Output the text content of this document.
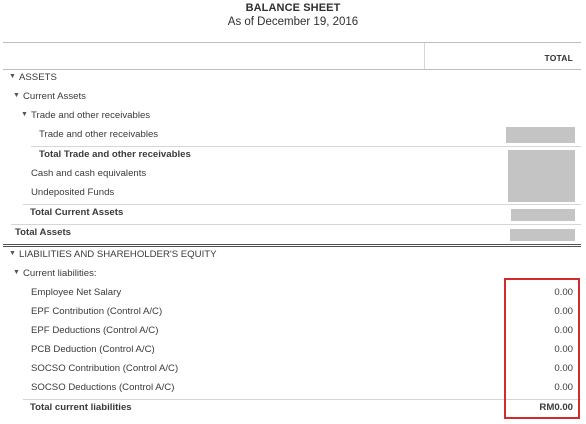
BALANCE SHEET
As of December 19, 2016
TOTAL
▼ ASSETS
▼ Current Assets
▼ Trade and other receivables
Trade and other receivables
Total Trade and other receivables
Cash and cash equivalents
Undeposited Funds
Total Current Assets
Total Assets
▼ LIABILITIES AND SHAREHOLDER'S EQUITY
▼ Current liabilities:
Employee Net Salary	0.00
EPF Contribution (Control A/C)	0.00
EPF Deductions (Control A/C)	0.00
PCB Deduction (Control A/C)	0.00
SOCSO Contribution (Control A/C)	0.00
SOCSO Deductions (Control A/C)	0.00
Total current liabilities	RM0.00
